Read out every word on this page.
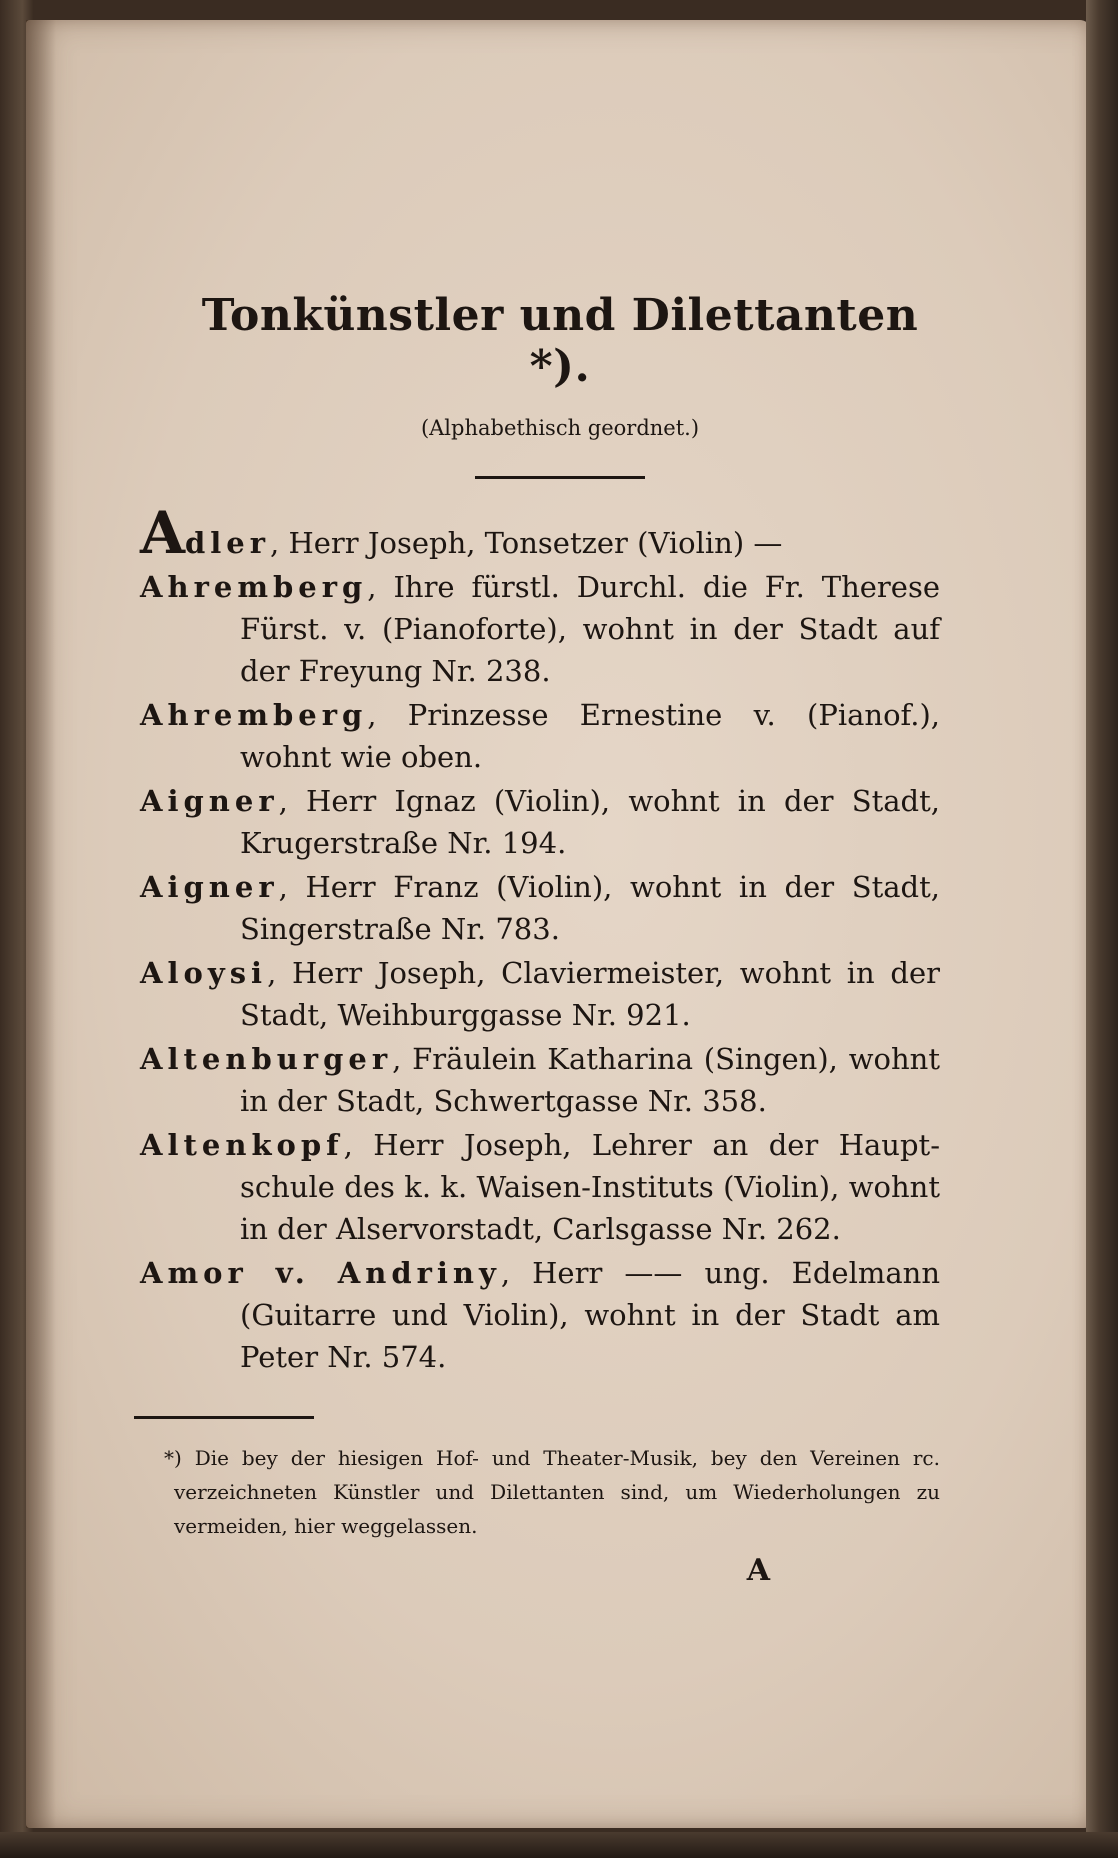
Tonkünstler und Dilettanten *).
(Alphabethisch geordnet.)
Adler, Herr Joseph, Tonsetzer (Violin) —
Ahremberg, Ihre fürstl. Durchl. die Fr. Therese Fürst. v. (Pianoforte), wohnt in der Stadt auf der Freyung Nr. 238.
Ahremberg, Prinzesse Ernestine v. (Pianof.), wohnt wie oben.
Aigner, Herr Ignaz (Violin), wohnt in der Stadt, Krugerstraße Nr. 194.
Aigner, Herr Franz (Violin), wohnt in der Stadt, Singerstraße Nr. 783.
Aloysi, Herr Joseph, Claviermeister, wohnt in der Stadt, Weihburggasse Nr. 921.
Altenburger, Fräulein Katharina (Singen), wohnt in der Stadt, Schwertgasse Nr. 358.
Altenkopf, Herr Joseph, Lehrer an der Haupt-schule des k. k. Waisen-Instituts (Violin), wohnt in der Alservorstadt, Carlsgasse Nr. 262.
Amor v. Andriny, Herr —— ung. Edelmann (Guitarre und Violin), wohnt in der Stadt am Peter Nr. 574.
*) Die bey der hiesigen Hof- und Theater-Musik, bey den Vereinen rc. verzeichneten Künstler und Dilettanten sind, um Wiederholungen zu vermeiden, hier weggelassen.
A
